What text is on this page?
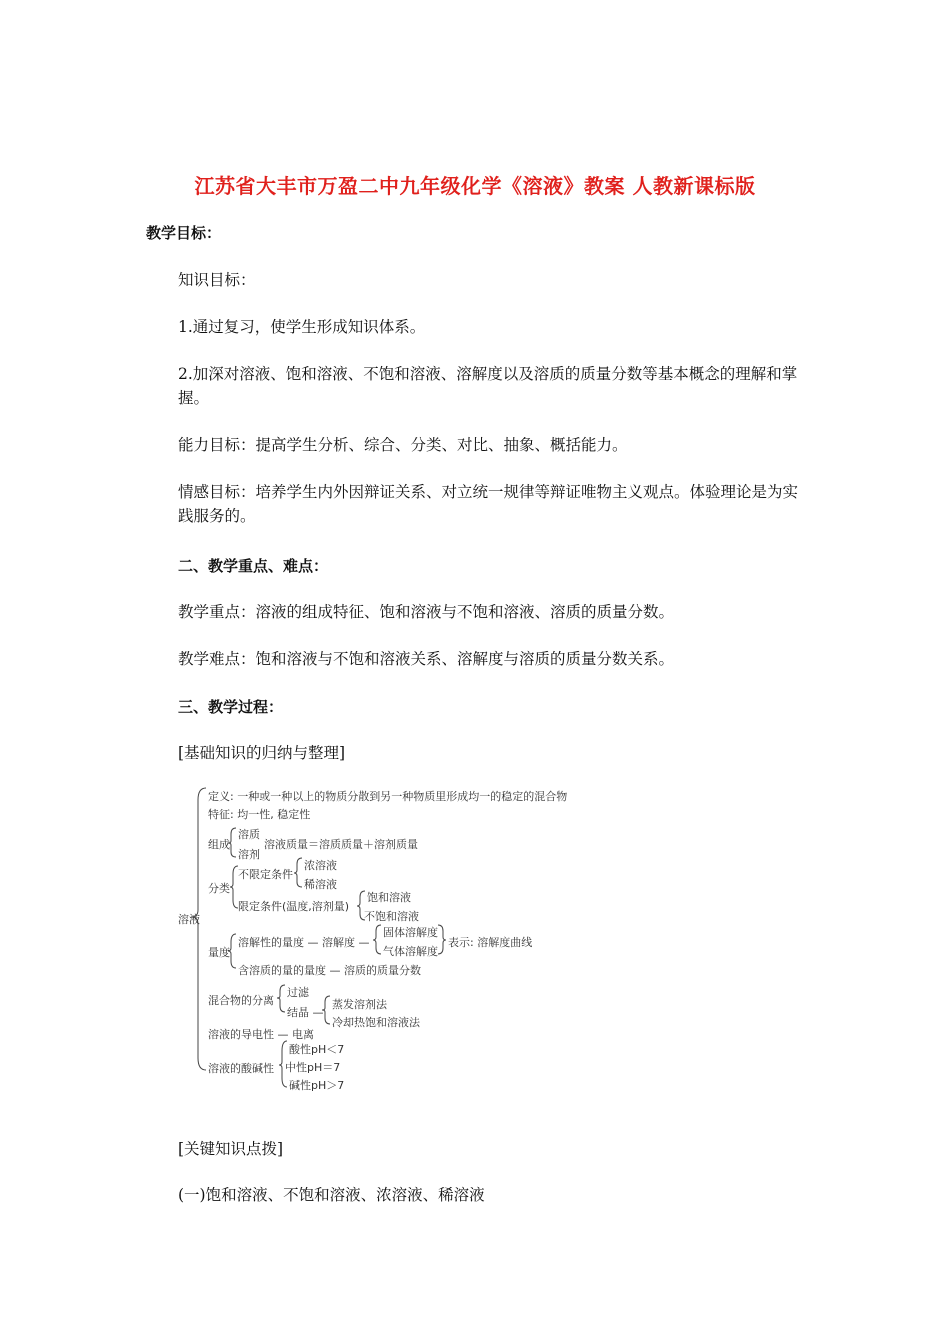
江苏省大丰市万盈二中九年级化学《溶液》教案 人教新课标版
教学目标：
知识目标：
1.通过复习，使学生形成知识体系。
2.加深对溶液、饱和溶液、不饱和溶液、溶解度以及溶质的质量分数等基本概念的理解和掌握。
能力目标：提高学生分析、综合、分类、对比、抽象、概括能力。
情感目标：培养学生内外因辩证关系、对立统一规律等辩证唯物主义观点。体验理论是为实践服务的。
二、教学重点、难点：
教学重点：溶液的组成特征、饱和溶液与不饱和溶液、溶质的质量分数。
教学难点：饱和溶液与不饱和溶液关系、溶解度与溶质的质量分数关系。
三、教学过程：
[基础知识的归纳与整理]
溶液
定义: 一种或一种以上的物质分散到另一种物质里形成均一的稳定的混合物
特征: 均一性, 稳定性
组成
溶质
溶剂
溶液质量＝溶质质量＋溶剂质量
分类
不限定条件
浓溶液
稀溶液
限定条件(温度,溶剂量)
饱和溶液
不饱和溶液
量度
溶解性的量度 — 溶解度 —
固体溶解度
气体溶解度
表示: 溶解度曲线
含溶质的量的量度 — 溶质的质量分数
混合物的分离
过滤
结晶 —
蒸发溶剂法
冷却热饱和溶液法
溶液的导电性 — 电离
溶液的酸碱性
酸性pH＜7
中性pH＝7
碱性pH＞7
[关键知识点拨]
(一)饱和溶液、不饱和溶液、浓溶液、稀溶液
